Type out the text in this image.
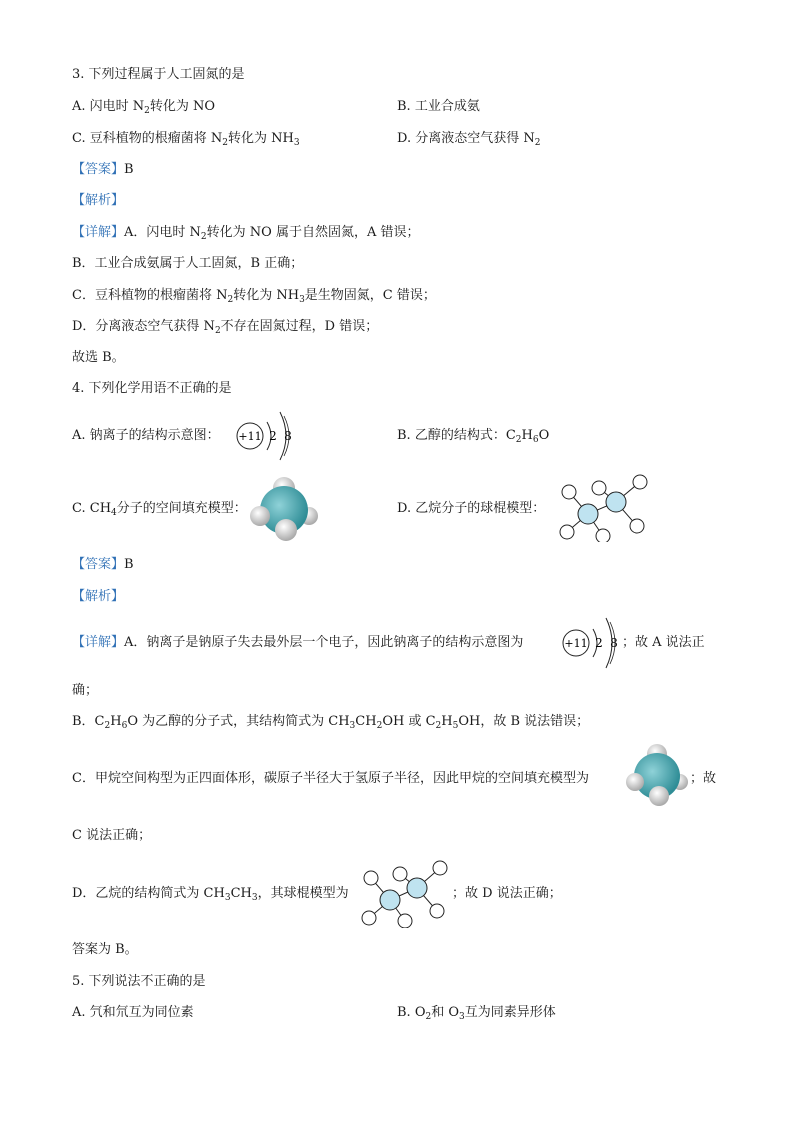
3. 下列过程属于人工固氮的是
A. 闪电时 $N_2$转化为 NO	B. 工业合成氨
C. 豆科植物的根瘤菌将 $N_2$转化为 $NH_3$	D. 分离液态空气获得 $N_2$
【答案】B
【解析】
【详解】A．闪电时 $N_2$转化为 NO 属于自然固氮，A 错误；
B．工业合成氨属于人工固氮，B 正确；
C．豆科植物的根瘤菌将 $N_2$转化为 $NH_3$是生物固氮，C 错误；
D．分离液态空气获得 $N_2$不存在固氮过程，D 错误；
故选 B。
4. 下列化学用语不正确的是
A. 钠离子的结构示意图： +11 2 8	B. 乙醇的结构式：$C_2H_6O$
C. $CH_4$分子的空间填充模型：	D. 乙烷分子的球棍模型：
【答案】B
【解析】
【详解】A．钠离子是钠原子失去最外层一个电子，因此钠离子的结构示意图为	+11 2 8 ；故 A 说法正
确；
B．$C_2H_6O$ 为乙醇的分子式，其结构简式为 $CH_3CH_2OH$ 或 $C_2H_5OH$，故 B 说法错误；
C．甲烷空间构型为正四面体形，碳原子半径大于氢原子半径，因此甲烷的空间填充模型为	；故
C 说法正确；
D．乙烷的结构简式为 $CH_3CH_3$，其球棍模型为	；故 D 说法正确；
答案为 B。
5. 下列说法不正确的是
A. 氕和氘互为同位素	B. $O_2$和 $O_3$互为同素异形体
